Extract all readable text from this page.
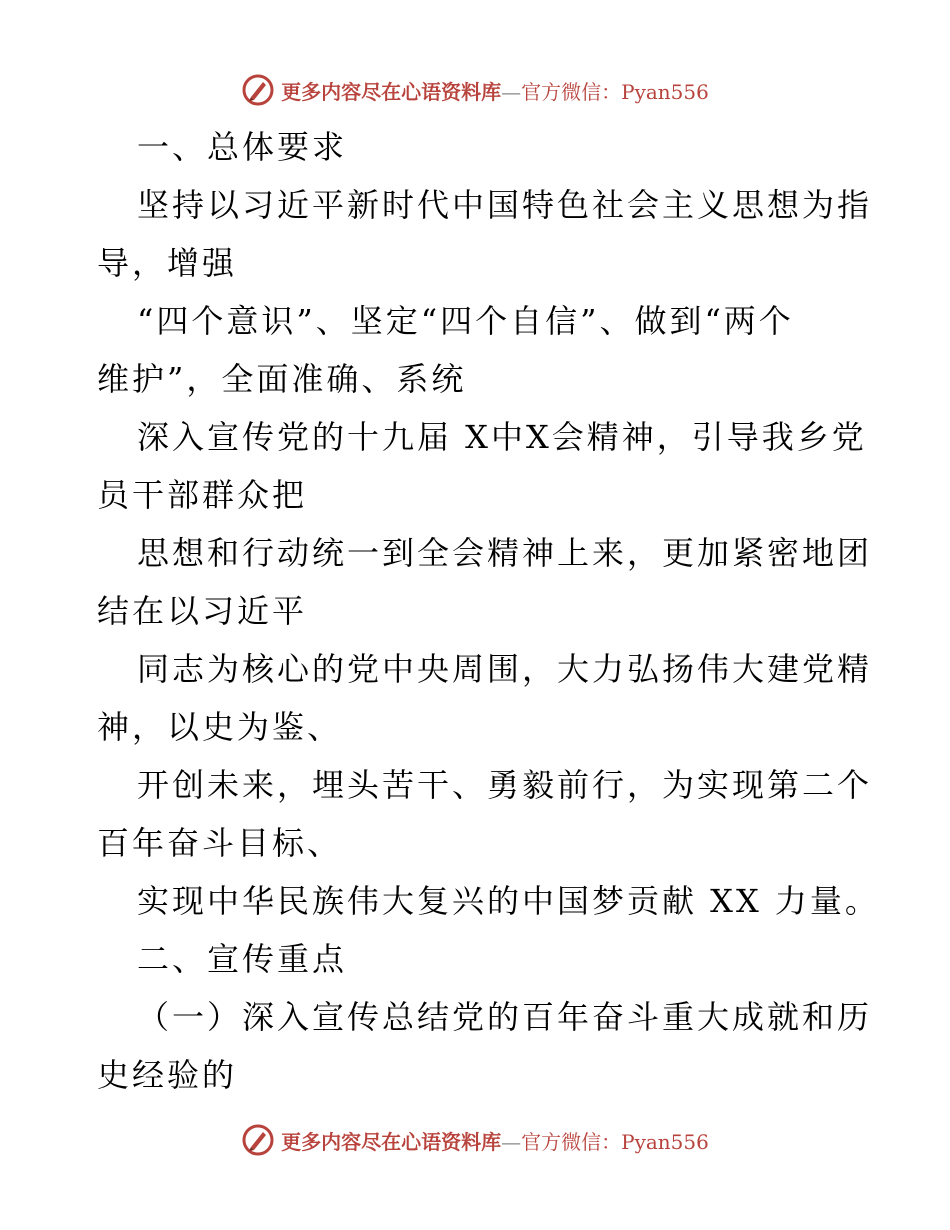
更多内容尽在心语资料库—官方微信：Pyan556
一、总体要求
坚持以习近平新时代中国特色社会主义思想为指
导，增强
“四个意识”、坚定“四个自信”、做到“两个
维护”，全面准确、系统
深入宣传党的十九届 X中X会精神，引导我乡党
员干部群众把
思想和行动统一到全会精神上来，更加紧密地团
结在以习近平
同志为核心的党中央周围，大力弘扬伟大建党精
神，以史为鉴、
开创未来，埋头苦干、勇毅前行，为实现第二个
百年奋斗目标、
实现中华民族伟大复兴的中国梦贡献 XX 力量。
二、宣传重点
（一）深入宣传总结党的百年奋斗重大成就和历
史经验的
更多内容尽在心语资料库—官方微信：Pyan556
